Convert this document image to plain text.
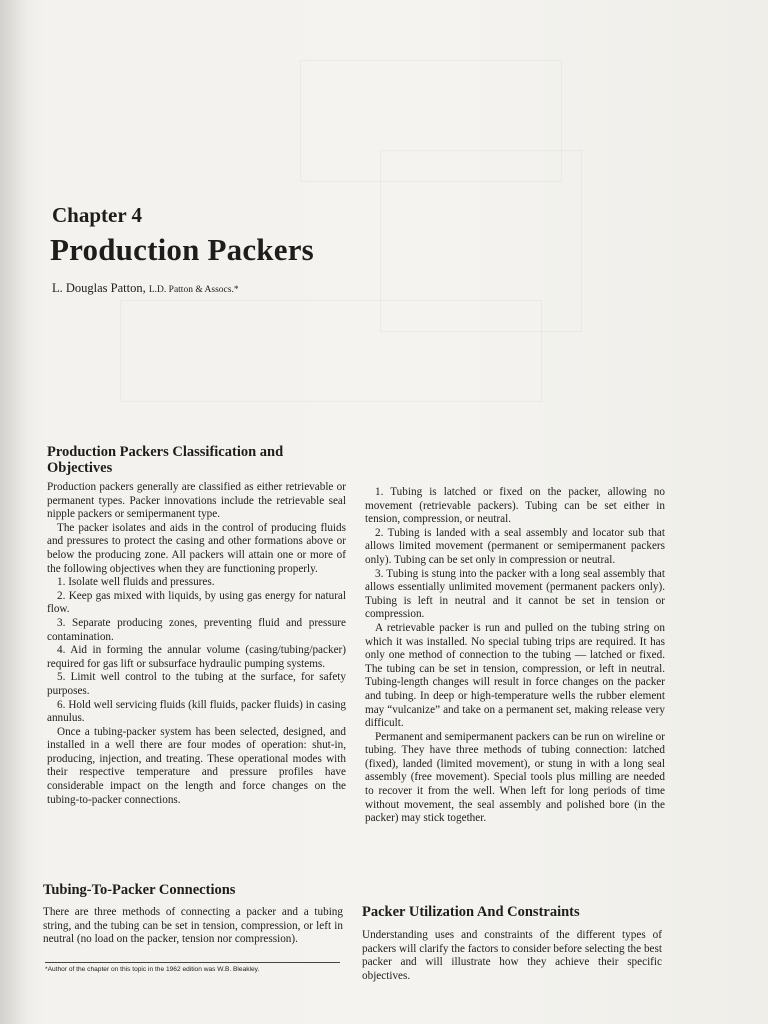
Chapter 4
Production Packers

L. Douglas Patton, L.D. Patton & Assocs.*

Production Packers Classification and Objectives

Production packers generally are classified as either retrievable or permanent types. Packer innovations include the retrievable seal nipple packers or semipermanent type.

The packer isolates and aids in the control of producing fluids and pressures to protect the casing and other formations above or below the producing zone. All packers will attain one or more of the following objectives when they are functioning properly.

1. Isolate well fluids and pressures.

2. Keep gas mixed with liquids, by using gas energy for natural flow.

3. Separate producing zones, preventing fluid and pressure contamination.

4. Aid in forming the annular volume (casing/tubing/packer) required for gas lift or subsurface hydraulic pumping systems.

5. Limit well control to the tubing at the surface, for safety purposes.

6. Hold well servicing fluids (kill fluids, packer fluids) in casing annulus.

Once a tubing-packer system has been selected, designed, and installed in a well there are four modes of operation: shut-in, producing, injection, and treating. These operational modes with their respective temperature and pressure profiles have considerable impact on the length and force changes on the tubing-to-packer connections.

Tubing-To-Packer Connections

There are three methods of connecting a packer and a tubing string, and the tubing can be set in tension, compression, or left in neutral (no load on the packer, tension nor compression).

*Author of the chapter on this topic in the 1962 edition was W.B. Bleakley.

1. Tubing is latched or fixed on the packer, allowing no movement (retrievable packers). Tubing can be set either in tension, compression, or neutral.

2. Tubing is landed with a seal assembly and locator sub that allows limited movement (permanent or semipermanent packers only). Tubing can be set only in compression or neutral.

3. Tubing is stung into the packer with a long seal assembly that allows essentially unlimited movement (permanent packers only). Tubing is left in neutral and it cannot be set in tension or compression.

A retrievable packer is run and pulled on the tubing string on which it was installed. No special tubing trips are required. It has only one method of connection to the tubing — latched or fixed. The tubing can be set in tension, compression, or left in neutral. Tubing-length changes will result in force changes on the packer and tubing. In deep or high-temperature wells the rubber element may “vulcanize” and take on a permanent set, making release very difficult.

Permanent and semipermanent packers can be run on wireline or tubing. They have three methods of tubing connection: latched (fixed), landed (limited movement), or stung in with a long seal assembly (free movement). Special tools plus milling are needed to recover it from the well. When left for long periods of time without movement, the seal assembly and polished bore (in the packer) may stick together.

Packer Utilization And Constraints

Understanding uses and constraints of the different types of packers will clarify the factors to consider before selecting the best packer and will illustrate how they achieve their specific objectives.
